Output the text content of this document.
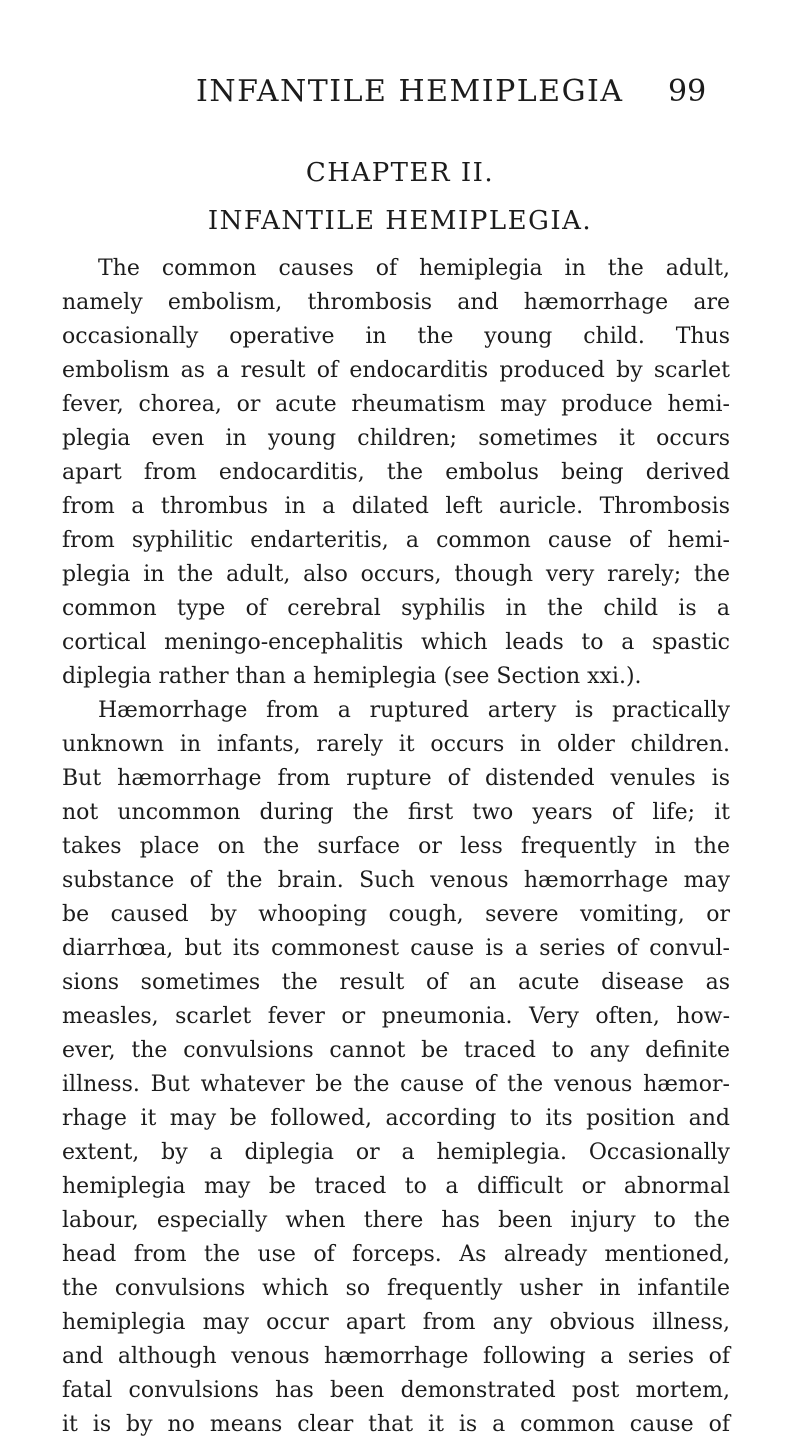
INFANTILE HEMIPLEGIA 99
CHAPTER II.
INFANTILE HEMIPLEGIA.
The common causes of hemiplegia in the adult,
namely embolism, thrombosis and hæmorrhage are
occasionally operative in the young child. Thus
embolism as a result of endocarditis produced by scarlet
fever, chorea, or acute rheumatism may produce hemi-
plegia even in young children; sometimes it occurs
apart from endocarditis, the embolus being derived
from a thrombus in a dilated left auricle. Thrombosis
from syphilitic endarteritis, a common cause of hemi-
plegia in the adult, also occurs, though very rarely; the
common type of cerebral syphilis in the child is a
cortical meningo-encephalitis which leads to a spastic
diplegia rather than a hemiplegia (see Section xxi.).
Hæmorrhage from a ruptured artery is practically
unknown in infants, rarely it occurs in older children.
But hæmorrhage from rupture of distended venules is
not uncommon during the first two years of life; it
takes place on the surface or less frequently in the
substance of the brain. Such venous hæmorrhage may
be caused by whooping cough, severe vomiting, or
diarrhœa, but its commonest cause is a series of convul-
sions sometimes the result of an acute disease as
measles, scarlet fever or pneumonia. Very often, how-
ever, the convulsions cannot be traced to any definite
illness. But whatever be the cause of the venous hæmor-
rhage it may be followed, according to its position and
extent, by a diplegia or a hemiplegia. Occasionally
hemiplegia may be traced to a difficult or abnormal
labour, especially when there has been injury to the
head from the use of forceps. As already mentioned,
the convulsions which so frequently usher in infantile
hemiplegia may occur apart from any obvious illness,
and although venous hæmorrhage following a series of
fatal convulsions has been demonstrated post mortem,
it is by no means clear that it is a common cause of
